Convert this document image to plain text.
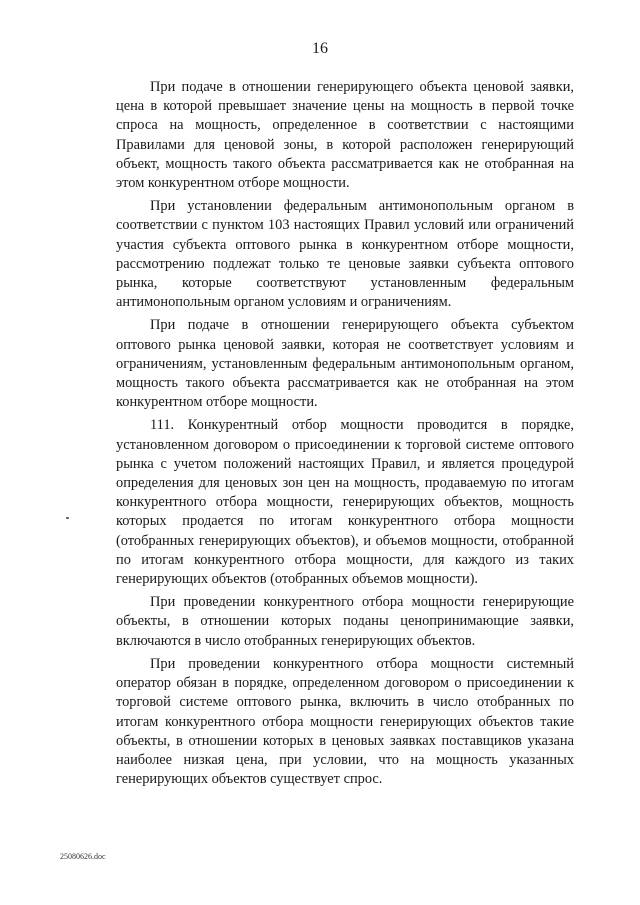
16

При подаче в отношении генерирующего объекта ценовой заявки, цена в которой превышает значение цены на мощность в первой точке спроса на мощность, определенное в соответствии с настоящими Правилами для ценовой зоны, в которой расположен генерирующий объект, мощность такого объекта рассматривается как не отобранная на этом конкурентном отборе мощности.

При установлении федеральным антимонопольным органом в соответствии с пунктом 103 настоящих Правил условий или ограничений участия субъекта оптового рынка в конкурентном отборе мощности, рассмотрению подлежат только те ценовые заявки субъекта оптового рынка, которые соответствуют установленным федеральным антимонопольным органом условиям и ограничениям.

При подаче в отношении генерирующего объекта субъектом оптового рынка ценовой заявки, которая не соответствует условиям и ограничениям, установленным федеральным антимонопольным органом, мощность такого объекта рассматривается как не отобранная на этом конкурентном отборе мощности.

111. Конкурентный отбор мощности проводится в порядке, установленном договором о присоединении к торговой системе оптового рынка с учетом положений настоящих Правил, и является процедурой определения для ценовых зон цен на мощность, продаваемую по итогам конкурентного отбора мощности, генерирующих объектов, мощность которых продается по итогам конкурентного отбора мощности (отобранных генерирующих объектов), и объемов мощности, отобранной по итогам конкурентного отбора мощности, для каждого из таких генерирующих объектов (отобранных объемов мощности).

При проведении конкурентного отбора мощности генерирующие объекты, в отношении которых поданы ценопринимающие заявки, включаются в число отобранных генерирующих объектов.

При проведении конкурентного отбора мощности системный оператор обязан в порядке, определенном договором о присоединении к торговой системе оптового рынка, включить в число отобранных по итогам конкурентного отбора мощности генерирующих объектов такие объекты, в отношении которых в ценовых заявках поставщиков указана наиболее низкая цена, при условии, что на мощность указанных генерирующих объектов существует спрос.

25080626.doc
